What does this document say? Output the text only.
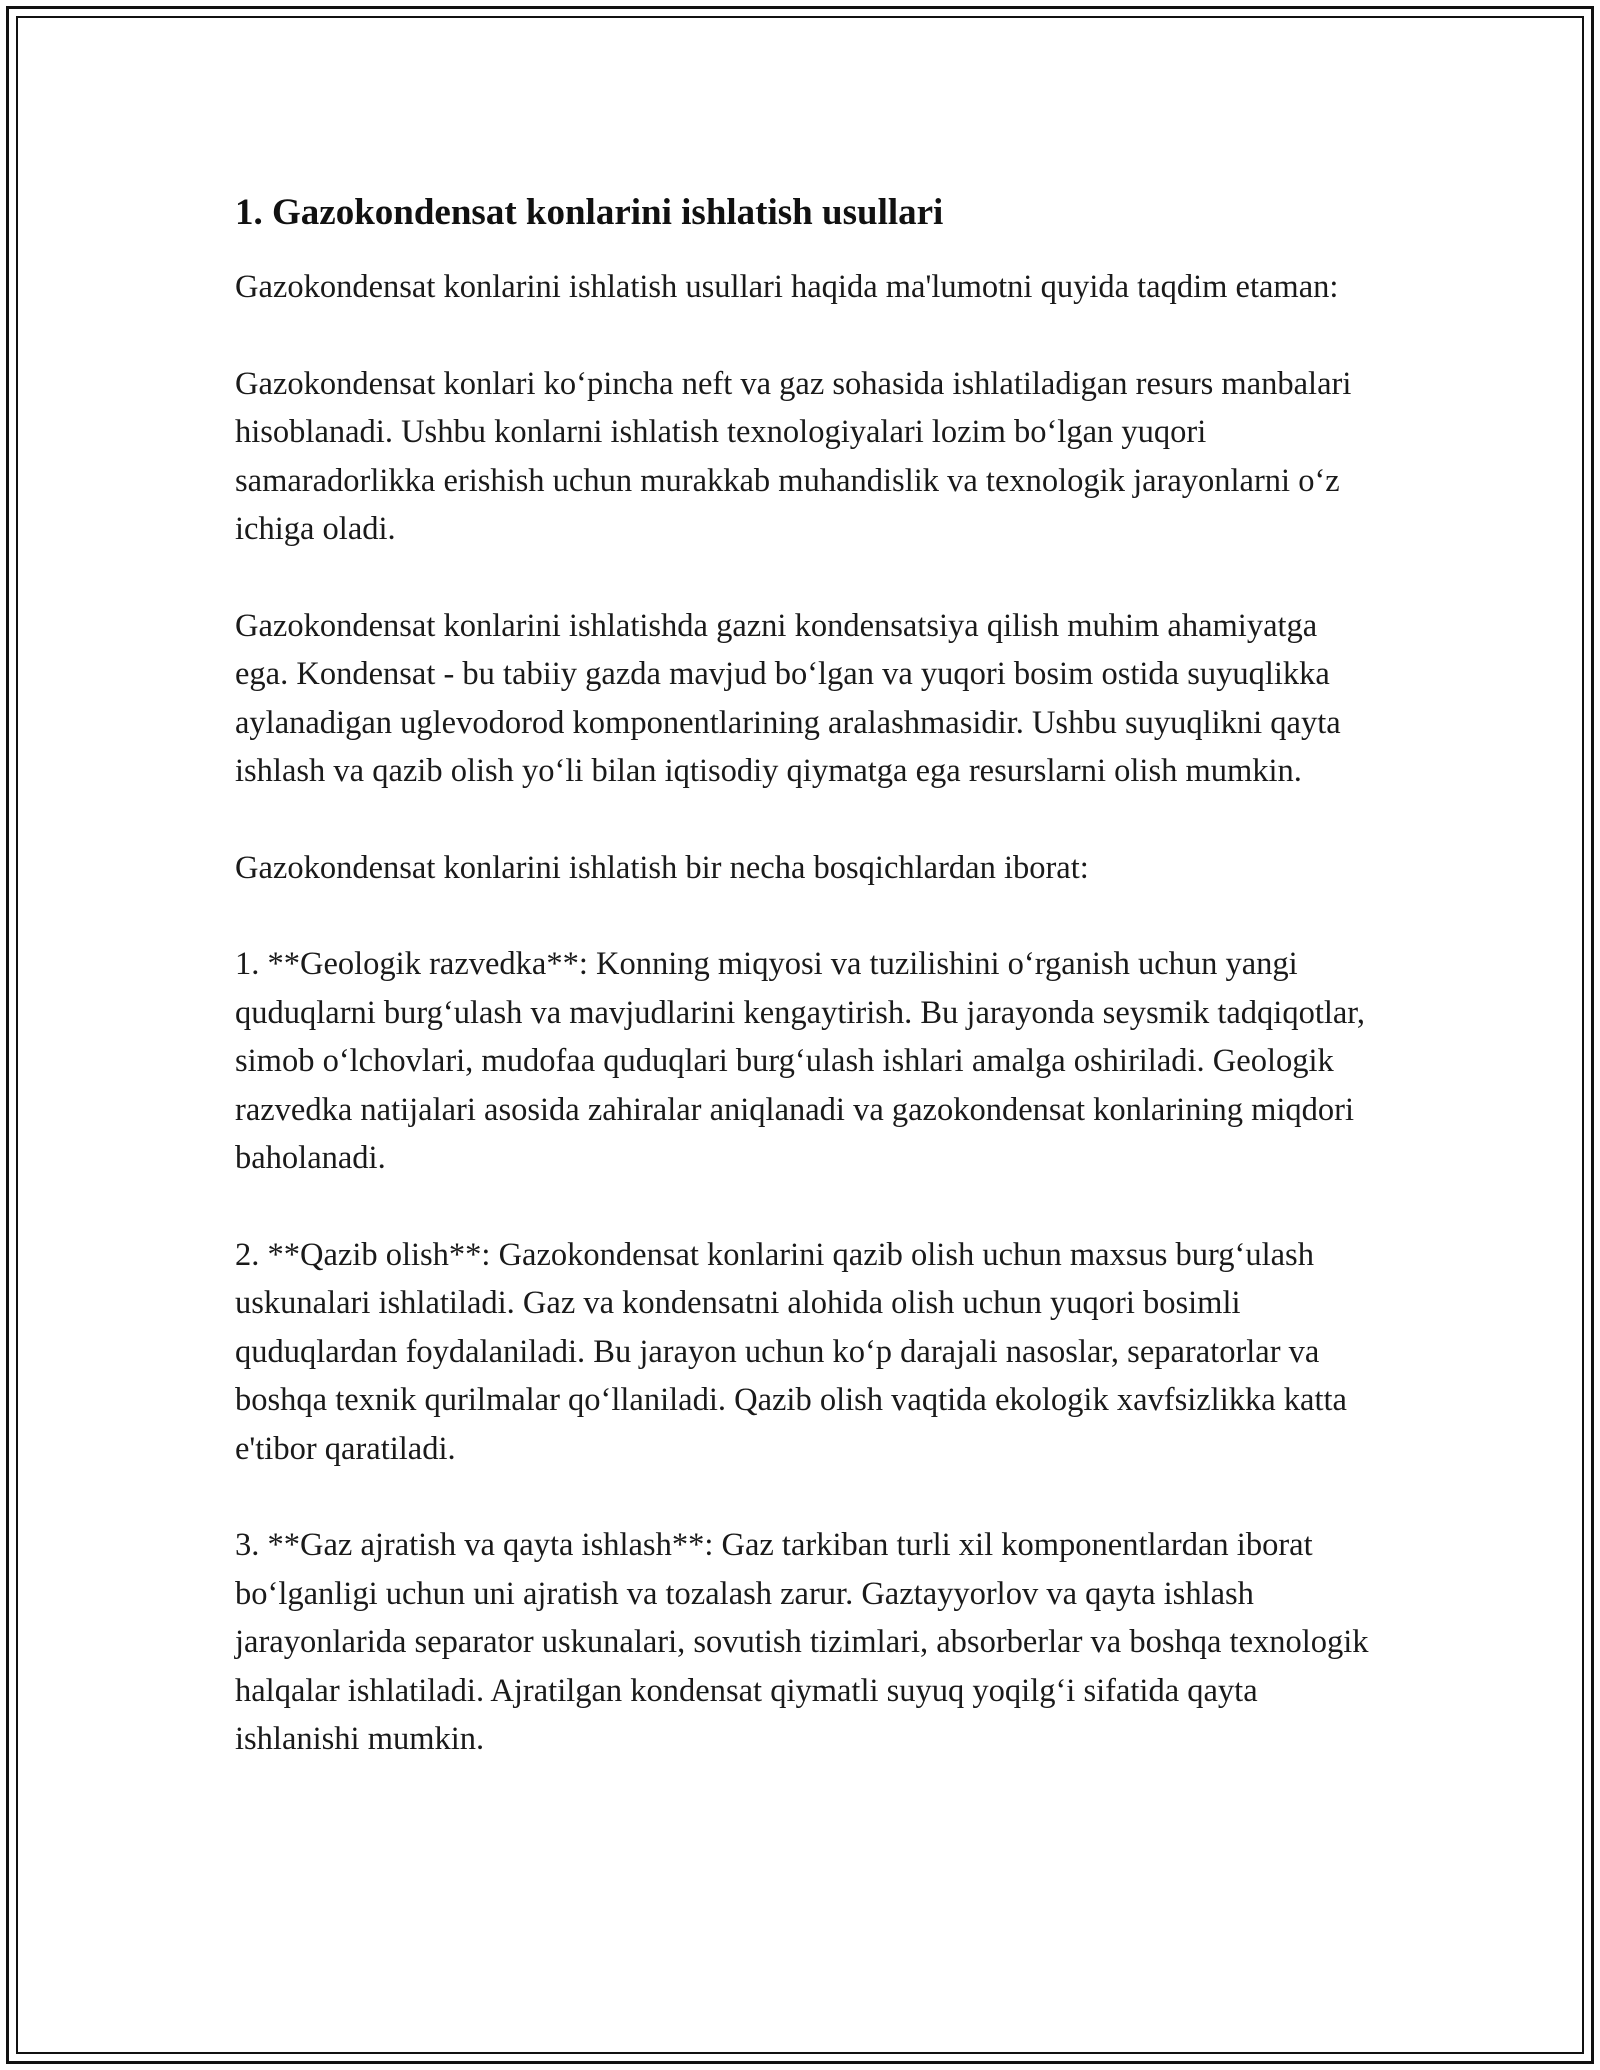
1. Gazokondensat konlarini ishlatish usullari

Gazokondensat konlarini ishlatish usullari haqida ma'lumotni quyida taqdim etaman:

Gazokondensat konlari ko‘pincha neft va gaz sohasida ishlatiladigan resurs manbalari hisoblanadi. Ushbu konlarni ishlatish texnologiyalari lozim bo‘lgan yuqori samaradorlikka erishish uchun murakkab muhandislik va texnologik jarayonlarni o‘z ichiga oladi.

Gazokondensat konlarini ishlatishda gazni kondensatsiya qilish muhim ahamiyatga ega. Kondensat - bu tabiiy gazda mavjud bo‘lgan va yuqori bosim ostida suyuqlikka aylanadigan uglevodorod komponentlarining aralashmasidir. Ushbu suyuqlikni qayta ishlash va qazib olish yo‘li bilan iqtisodiy qiymatga ega resurslarni olish mumkin.

Gazokondensat konlarini ishlatish bir necha bosqichlardan iborat:

1. **Geologik razvedka**: Konning miqyosi va tuzilishini o‘rganish uchun yangi quduqlarni burg‘ulash va mavjudlarini kengaytirish. Bu jarayonda seysmik tadqiqotlar, simob o‘lchovlari, mudofaa quduqlari burg‘ulash ishlari amalga oshiriladi. Geologik razvedka natijalari asosida zahiralar aniqlanadi va gazokondensat konlarining miqdori baholanadi.

2. **Qazib olish**: Gazokondensat konlarini qazib olish uchun maxsus burg‘ulash uskunalari ishlatiladi. Gaz va kondensatni alohida olish uchun yuqori bosimli quduqlardan foydalaniladi. Bu jarayon uchun ko‘p darajali nasoslar, separatorlar va boshqa texnik qurilmalar qo‘llaniladi. Qazib olish vaqtida ekologik xavfsizlikka katta e'tibor qaratiladi.

3. **Gaz ajratish va qayta ishlash**: Gaz tarkiban turli xil komponentlardan iborat bo‘lganligi uchun uni ajratish va tozalash zarur. Gaztayyorlov va qayta ishlash jarayonlarida separator uskunalari, sovutish tizimlari, absorberlar va boshqa texnologik halqalar ishlatiladi. Ajratilgan kondensat qiymatli suyuq yoqilg‘i sifatida qayta ishlanishi mumkin.
